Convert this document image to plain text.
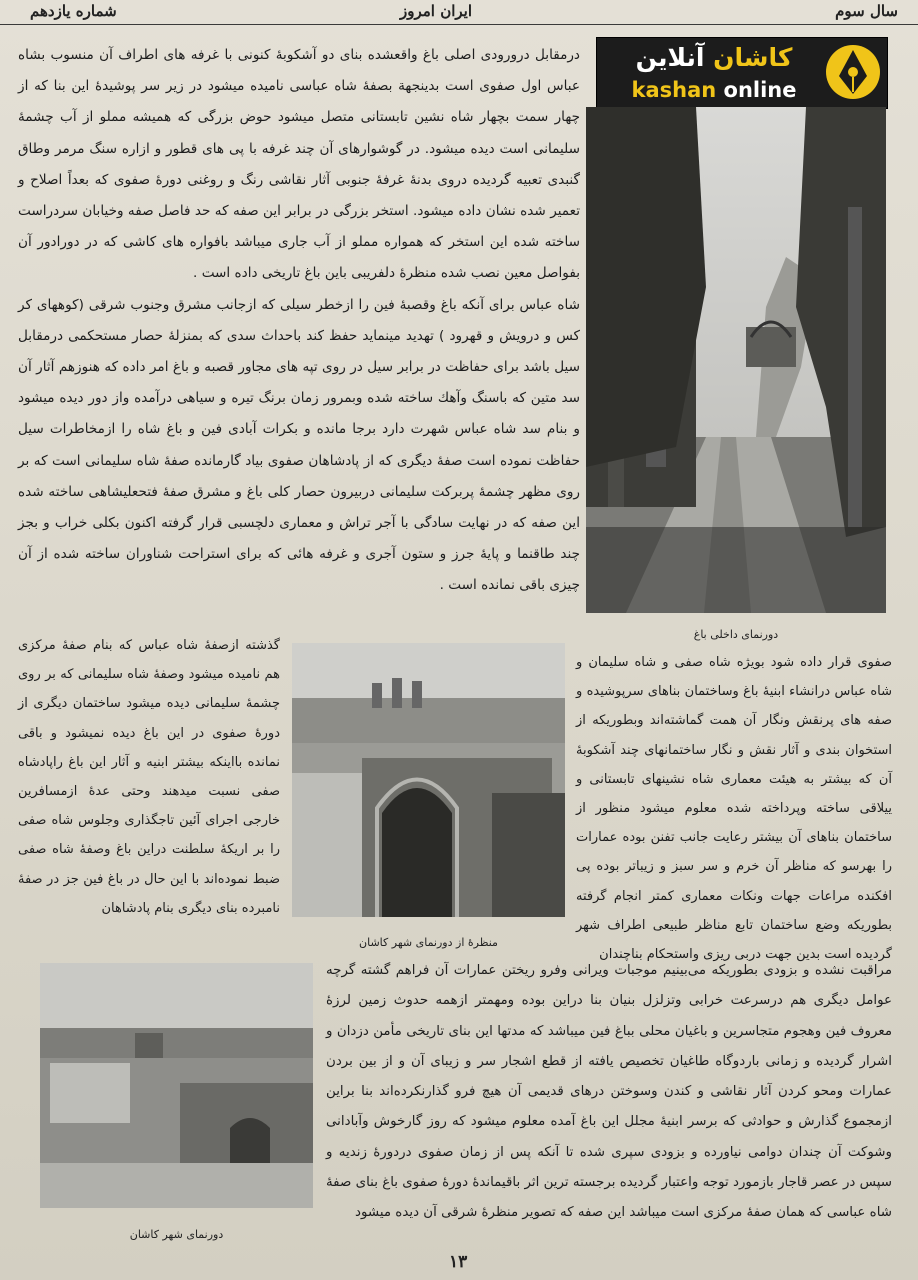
شماره یازدهم	ایران امروز	سال سوم

درمقابل درورودی اصلی باغ واقعشده بنای دو آشکوبهٔ کنونی با غرفه های اطراف آن منسوب بشاه عباس اول صفوی است بدینجهة بصفهٔ شاه عباسی نامیده میشود در زیر سر پوشیدهٔ این بنا که از چهار سمت بچهار شاه نشین تابستانی متصل میشود حوض بزرگی که همیشه مملو از آب چشمهٔ سلیمانی است دیده میشود. در گوشوارهای آن چند غرفه با پی های قطور و ازاره سنگ مرمر وطاق گنبدی تعبیه گردیده دروی بدنهٔ غرفهٔ جنوبی آثار نقاشی رنگ و روغنی دورهٔ صفوی که بعداً اصلاح و تعمیر شده نشان داده میشود. استخر بزرگی در برابر این صفه که حد فاصل صفه وخیابان سردراست ساخته شده این استخر که همواره مملو از آب جاری میباشد بافواره های کاشی که در دورادور آن بفواصل معین نصب شده منظرهٔ دلفریبی باین باغ تاریخی داده است .

شاه عباس برای آنکه باغ وقصبهٔ فین را ازخطر سیلی که ازجانب مشرق وجنوب شرقی (کوههای کر کس و درویش و قهرود ) تهدید مینماید حفظ کند باحداث سدی که بمنزلهٔ حصار مستحکمی درمقابل سیل باشد برای حفاظت در برابر سیل در روی تپه های مجاور قصبه و باغ امر داده که هنوزهم آثار آن سد متین که باسنگ وآهك ساخته شده وبمرور زمان برنگ تیره و سیاهی درآمده واز دور دیده میشود و بنام سد شاه عباس شهرت دارد برجا مانده و بکرات آبادی فین و باغ شاه را ازمخاطرات سیل حفاظت نموده است صفهٔ دیگری که از پادشاهان صفوی بیاد گارمانده صفهٔ شاه سلیمانی است که بر روی مظهر چشمهٔ پربرکت سلیمانی دربیرون حصار کلی باغ و مشرق صفهٔ فتحعلیشاهی ساخته شده این صفه که در نهایت سادگی با آجر تراش و معماری دلچسبی قرار گرفته اکنون بکلی خراب و بجز چند طاقنما و پایهٔ جرز و ستون آجری و غرفه هائی که برای استراحت شناوران ساخته شده از آن چیزی باقی نمانده است .

کاشان آنلاین
kashan online
دورنمای داخلی باغ

گذشته ازصفهٔ شاه عباس که بنام صفهٔ مرکزی هم نامیده میشود وصفهٔ شاه سلیمانی که بر روی چشمهٔ سلیمانی دیده میشود ساختمان دیگری از دورهٔ صفوی در این باغ دیده نمیشود و باقی نمانده بااینکه بیشتر ابنیه و آثار این باغ راپادشاه صفی نسبت میدهند وحتی عدهٔ ازمسافرین خارجی اجرای آئین تاجگذاری وجلوس شاه صفی را بر اریکهٔ سلطنت دراین باغ وصفهٔ شاه صفی ضبط نموده‌اند با این حال در باغ فین جز در صفهٔ نامبرده بنای دیگری بنام پادشاهان

منظرهٔ از دورنمای شهر کاشان

صفوی قرار داده شود بویژه شاه صفی و شاه سلیمان و شاه عباس درانشاء ابنیهٔ باغ وساختمان بناهای سرپوشیده و صفه های پرنقش ونگار آن همت گماشته‌اند وبطوریکه از استخوان بندی و آثار نقش و نگار ساختمانهای چند آشکوبهٔ آن که بیشتر به هیئت معماری شاه نشینهای تابستانی و ییلاقی ساخته وپرداخته شده معلوم میشود منظور از ساختمان بناهای آن بیشتر رعایت جانب تفنن بوده عمارات را بهرسو که مناظر آن خرم و سر سبز و زیباتر بوده پی افکنده مراعات جهات ونکات معماری کمتر انجام گرفته بطوریکه وضع ساختمان تابع مناظر طبیعی اطراف شهر گردیده است بدین جهت دربی ریزی واستحکام بناچندان

دورنمای شهر کاشان

مراقبت نشده و بزودی بطوریکه می‌بینیم موجبات ویرانی وفرو ریختن عمارات آن فراهم گشته گرچه عوامل دیگری هم درسرعت خرابی وتزلزل بنیان بنا دراین بوده ومهمتر ازهمه حدوث زمین لرزهٔ معروف فین وهجوم متجاسرین و باغیان محلی بباغ فین میباشد که مدتها این بنای تاریخی مأمن دزدان و اشرار گردیده و زمانی باردوگاه طاغیان تخصیص یافته از قطع اشجار سر و زیبای آن و از بین بردن عمارات ومحو کردن آثار نقاشی و کندن وسوختن درهای قدیمی آن هیچ فرو گذارنکرده‌اند بنا براین ازمجموع گذارش و حوادثی که برسر ابنیهٔ مجلل این باغ آمده معلوم میشود که روز گارخوش وآبادانی وشوکت آن چندان دوامی نیاورده و بزودی سپری شده تا آنکه پس از زمان صفوی دردورهٔ زندیه و سپس در عصر قاجار بازمورد توجه واعتبار گردیده برجسته ترین اثر باقیماندهٔ دورهٔ صفوی باغ بنای صفهٔ شاه عباسی که همان صفهٔ مرکزی است میباشد این صفه که تصویر منظرهٔ شرقی آن دیده میشود

۱۳
